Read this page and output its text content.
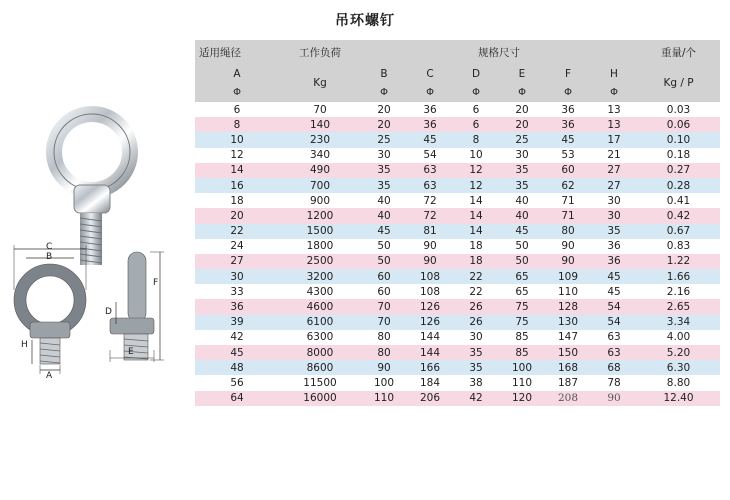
吊环螺钉
C
B
H
A
D
E
F
适用绳径	工作负荷	规格尺寸						重量/个
A	Kg	B	C	D	E	F	H	Kg / P
Φ		Φ	Φ	Φ	Φ	Φ	Φ	
6	70	20	36	6	20	36	13	0.03
8	140	20	36	6	20	36	13	0.06
10	230	25	45	8	25	45	17	0.10
12	340	30	54	10	30	53	21	0.18
14	490	35	63	12	35	60	27	0.27
16	700	35	63	12	35	62	27	0.28
18	900	40	72	14	40	71	30	0.41
20	1200	40	72	14	40	71	30	0.42
22	1500	45	81	14	45	80	35	0.67
24	1800	50	90	18	50	90	36	0.83
27	2500	50	90	18	50	90	36	1.22
30	3200	60	108	22	65	109	45	1.66
33	4300	60	108	22	65	110	45	2.16
36	4600	70	126	26	75	128	54	2.65
39	6100	70	126	26	75	130	54	3.34
42	6300	80	144	30	85	147	63	4.00
45	8000	80	144	35	85	150	63	5.20
48	8600	90	166	35	100	168	68	6.30
56	11500	100	184	38	110	187	78	8.80
64	16000	110	206	42	120	208	90	12.40
